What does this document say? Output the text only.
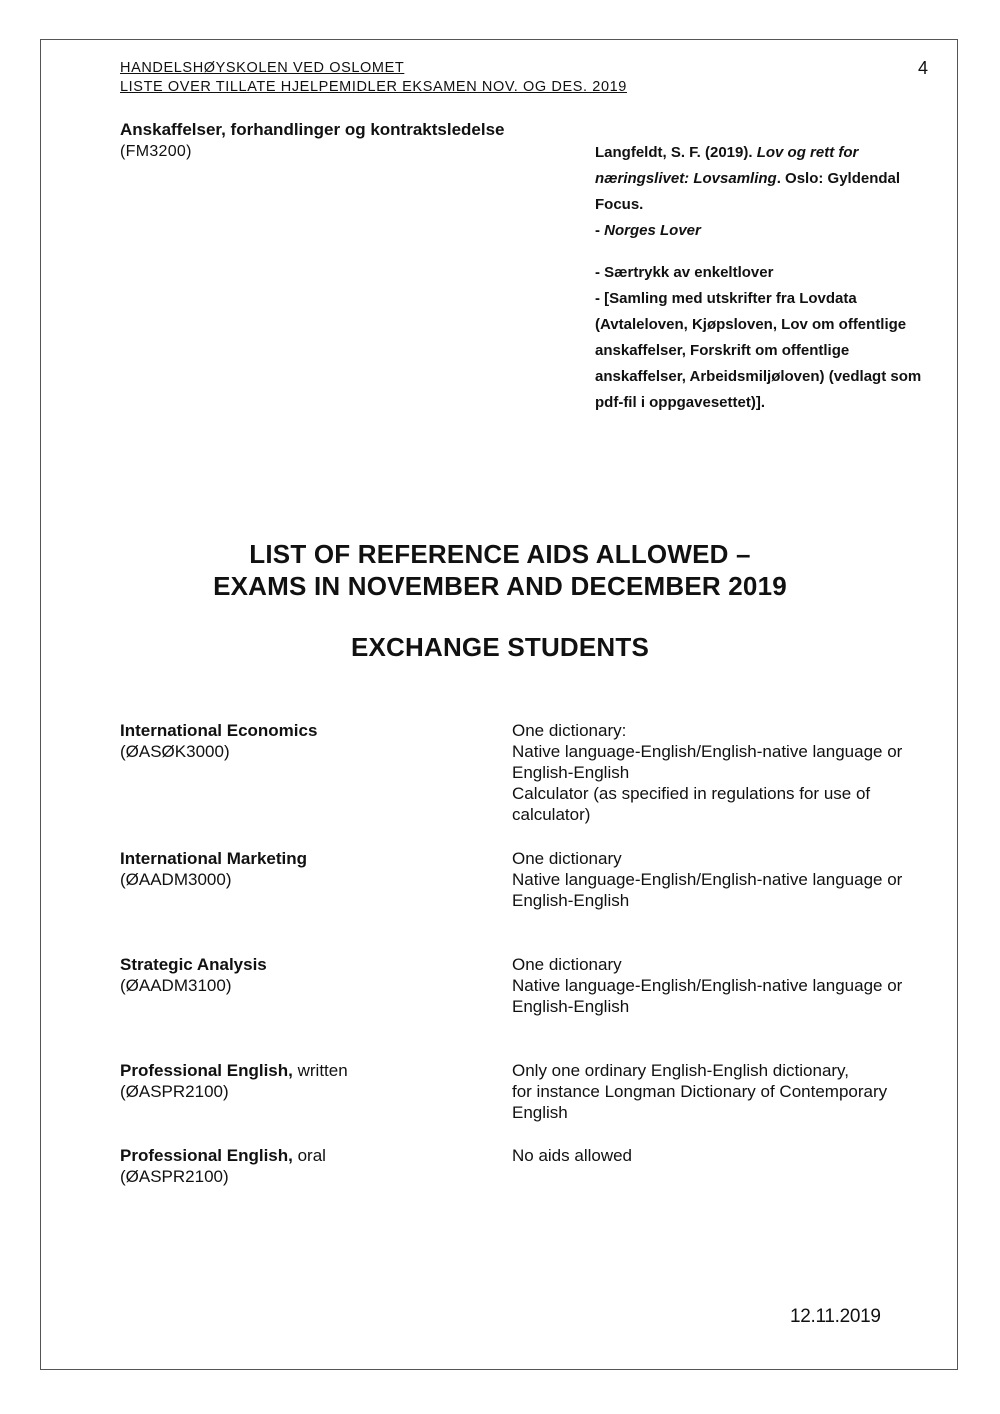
HANDELSHØYSKOLEN VED OSLOMET
LISTE OVER TILLATE HJELPEMIDLER EKSAMEN NOV. OG DES. 2019
4
Anskaffelser, forhandlinger og kontraktsledelse
(FM3200)	Langfeldt, S. F. (2019). Lov og rett for næringslivet: Lovsamling. Oslo: Gyldendal Focus.
- Norges Lover
- Særtrykk av enkeltlover
- [Samling med utskrifter fra Lovdata (Avtaleloven, Kjøpsloven, Lov om offentlige anskaffelser, Forskrift om offentlige anskaffelser, Arbeidsmiljøloven) (vedlagt som pdf-fil i oppgavesettet)].
LIST OF REFERENCE AIDS ALLOWED –
EXAMS IN NOVEMBER AND DECEMBER 2019
EXCHANGE STUDENTS
International Economics
(ØASØK3000)
One dictionary:
Native language-English/English-native language or English-English
Calculator (as specified in regulations for use of calculator)
International Marketing
(ØAADM3000)
One dictionary
Native language-English/English-native language or English-English
Strategic Analysis
(ØAADM3100)
One dictionary
Native language-English/English-native language or English-English
Professional English, written
(ØASPR2100)
Only one ordinary English-English dictionary,
for instance Longman Dictionary of Contemporary English
Professional English, oral
(ØASPR2100)
No aids allowed
12.11.2019
